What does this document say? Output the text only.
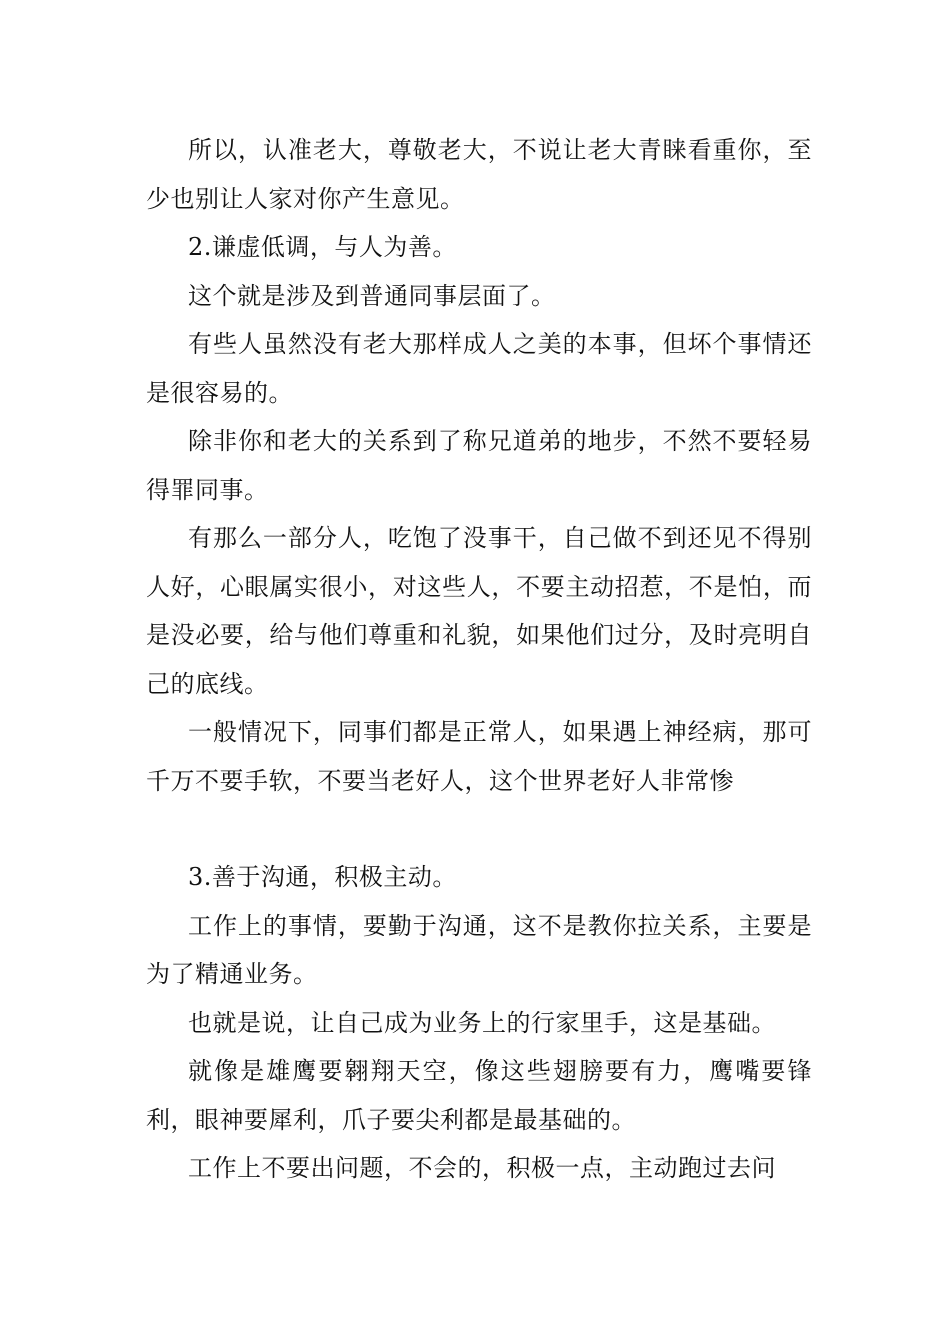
所以，认准老大，尊敬老大，不说让老大青睐看重你，至少也别让人家对你产生意见。

2.谦虚低调，与人为善。

这个就是涉及到普通同事层面了。

有些人虽然没有老大那样成人之美的本事，但坏个事情还是很容易的。

除非你和老大的关系到了称兄道弟的地步，不然不要轻易得罪同事。

有那么一部分人，吃饱了没事干，自己做不到还见不得别人好，心眼属实很小，对这些人，不要主动招惹，不是怕，而是没必要，给与他们尊重和礼貌，如果他们过分，及时亮明自己的底线。

一般情况下，同事们都是正常人，如果遇上神经病，那可千万不要手软，不要当老好人，这个世界老好人非常惨

3.善于沟通，积极主动。

工作上的事情，要勤于沟通，这不是教你拉关系，主要是为了精通业务。

也就是说，让自己成为业务上的行家里手，这是基础。

就像是雄鹰要翱翔天空，像这些翅膀要有力，鹰嘴要锋利，眼神要犀利，爪子要尖利都是最基础的。

工作上不要出问题，不会的，积极一点，主动跑过去问
